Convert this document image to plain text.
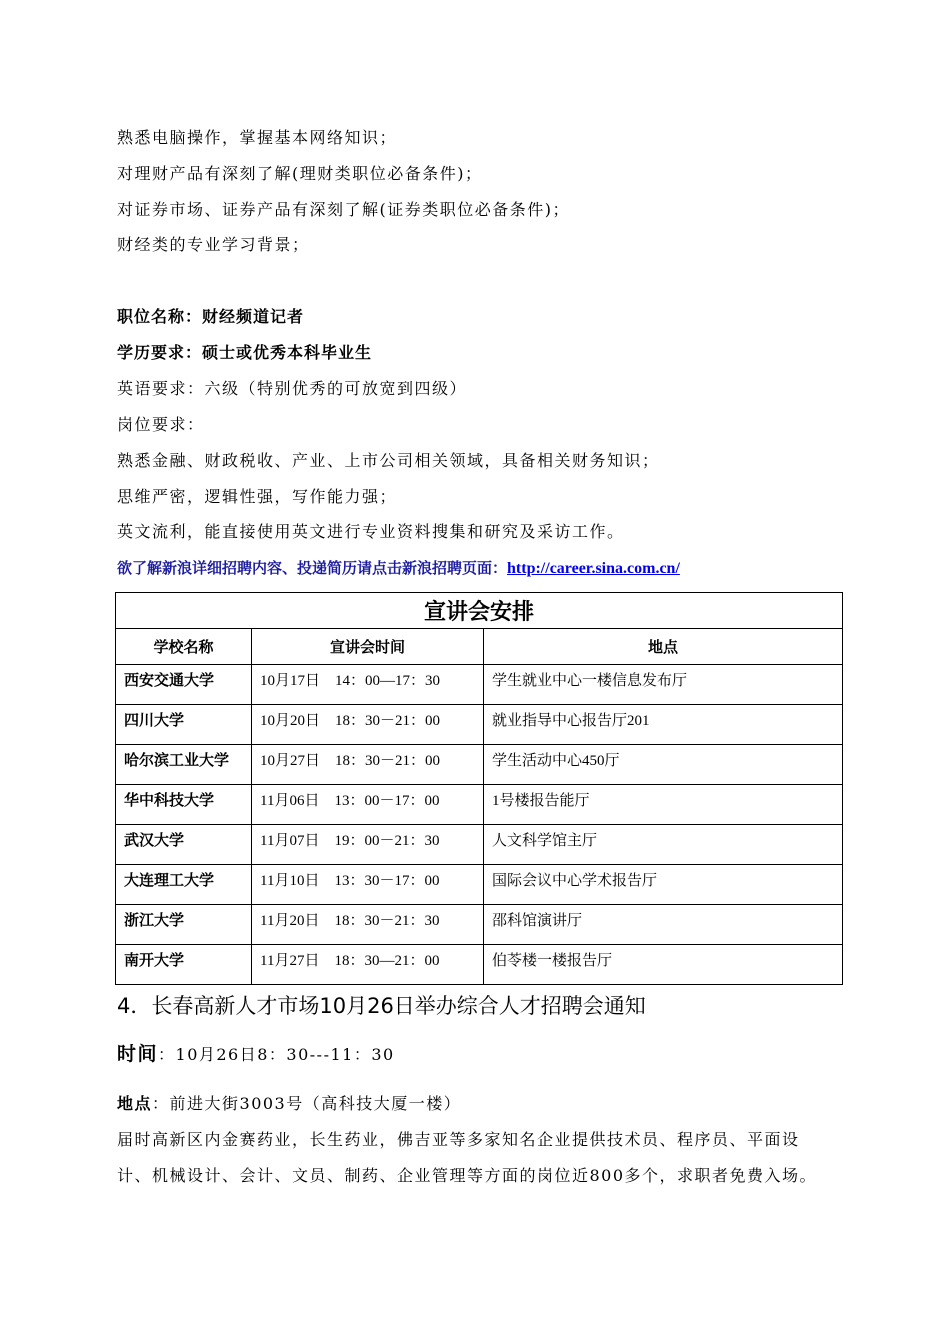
熟悉电脑操作，掌握基本网络知识；
对理财产品有深刻了解(理财类职位必备条件)；
对证券市场、证券产品有深刻了解(证券类职位必备条件)；
财经类的专业学习背景；
职位名称：财经频道记者
学历要求：硕士或优秀本科毕业生
英语要求：六级（特别优秀的可放宽到四级）
岗位要求：
熟悉金融、财政税收、产业、上市公司相关领域，具备相关财务知识；
思维严密，逻辑性强，写作能力强；
英文流利，能直接使用英文进行专业资料搜集和研究及采访工作。
欲了解新浪详细招聘内容、投递简历请点击新浪招聘页面：http://career.sina.com.cn/
宣讲会安排		
学校名称	宣讲会时间	地点
西安交通大学	10月17日　14：00—17：30	学生就业中心一楼信息发布厅
四川大学	10月20日　18：30－21：00	就业指导中心报告厅201
哈尔滨工业大学	10月27日　18：30－21：00	学生活动中心450厅
华中科技大学	11月06日　13：00－17：00	1号楼报告能厅
武汉大学	11月07日　19：00－21：30	人文科学馆主厅
大连理工大学	11月10日　13：30－17：00	国际会议中心学术报告厅
浙江大学	11月20日　18：30－21：30	邵科馆演讲厅
南开大学	11月27日　18：30—21：00	伯苓楼一楼报告厅
4．长春高新人才市场10月26日举办综合人才招聘会通知
时间：10月26日8：30---11：30
地点：前进大街3003号（高科技大厦一楼）
届时高新区内金赛药业，长生药业，佛吉亚等多家知名企业提供技术员、程序员、平面设
计、机械设计、会计、文员、制药、企业管理等方面的岗位近800多个，求职者免费入场。
